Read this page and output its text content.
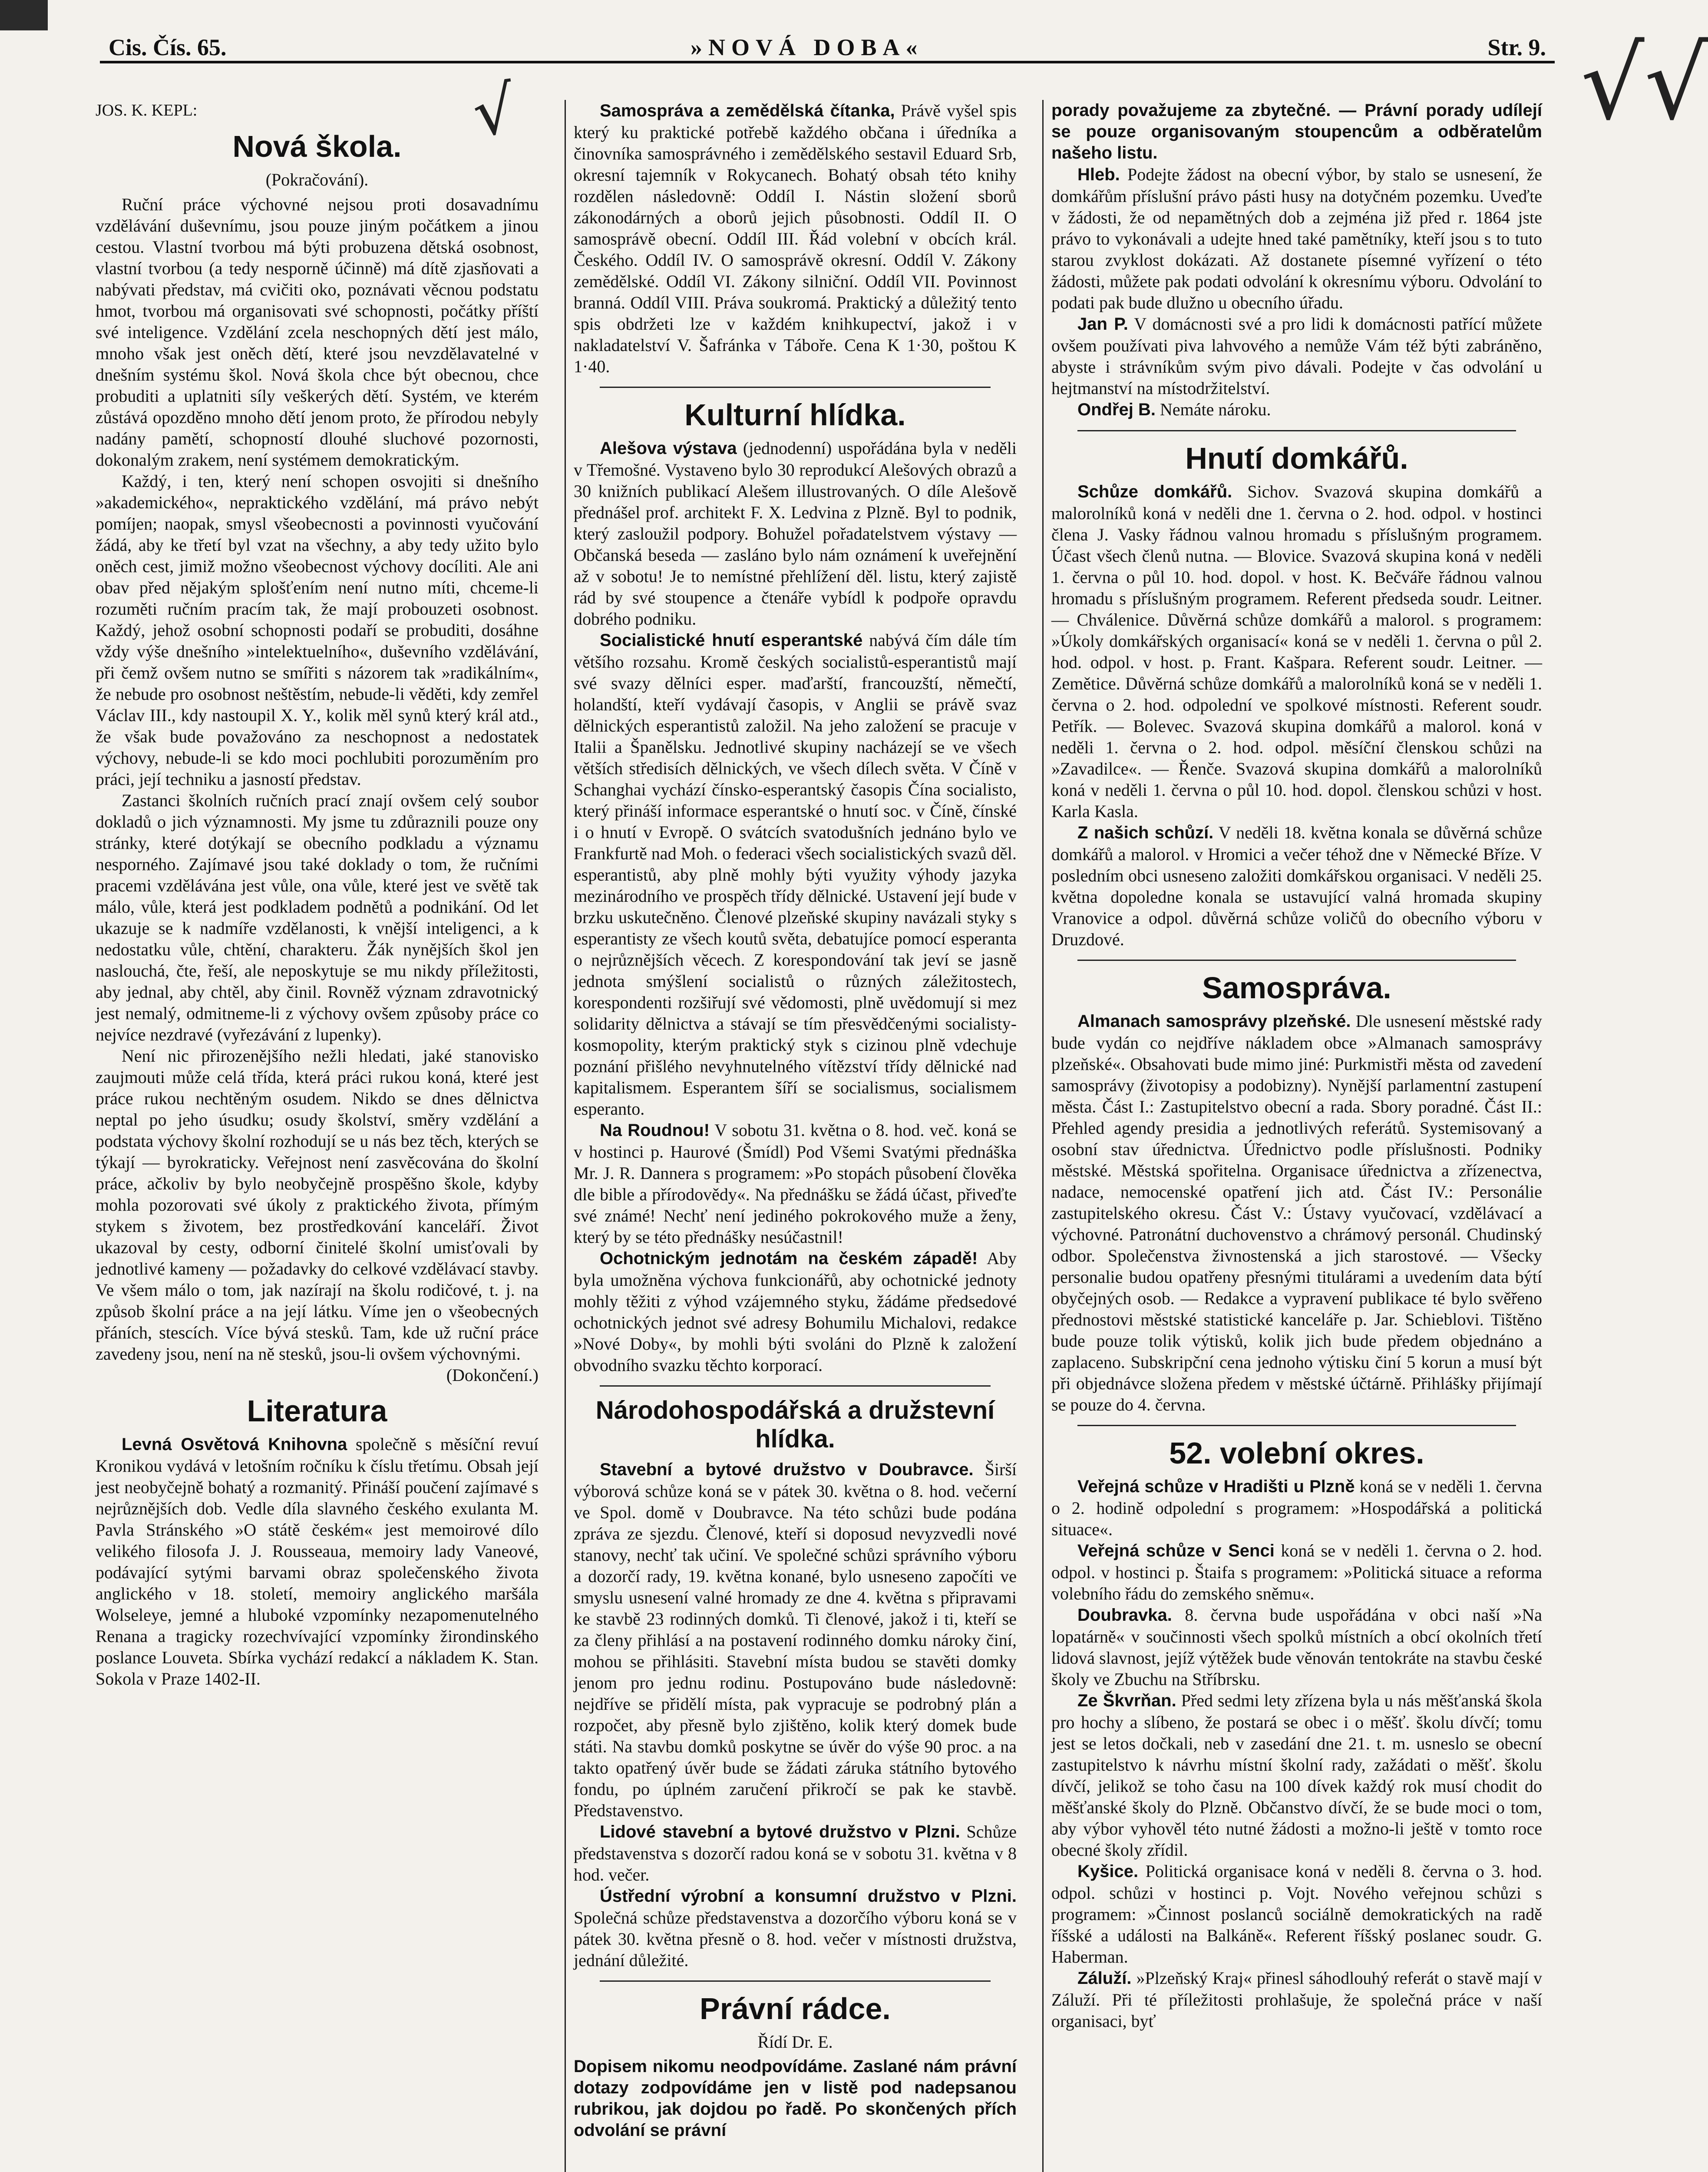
Cis. Čís. 65.	»NOVÁ DOBA«	Str. 9.
√	√√
JOS. K. KEPL:
Nová škola.
(Pokračování).

Ruční práce výchovné nejsou proti dosavadnímu vzdělávání duševnímu, jsou pouze jiným počátkem a jinou cestou. Vlastní tvorbou má býti probuzena dětská osobnost, vlastní tvorbou (a tedy nesporně účinně) má dítě zjasňovati a nabývati představ, má cvičiti oko, poznávati věcnou podstatu hmot, tvorbou má organisovati své schopnosti, počátky příští své inteligence. Vzdělání zcela neschopných dětí jest málo, mnoho však jest oněch dětí, které jsou nevzdělavatelné v dnešním systému škol. Nová škola chce být obecnou, chce probuditi a uplatniti síly veškerých dětí. Systém, ve kterém zůstává opozděno mnoho dětí jenom proto, že přírodou nebyly nadány pamětí, schopností dlouhé sluchové pozornosti, dokonalým zrakem, není systémem demokratickým.

Každý, i ten, který není schopen osvojiti si dnešního »akademického«, nepraktického vzdělání, má právo nebýt pomíjen; naopak, smysl všeobecnosti a povinnosti vyučování žádá, aby ke třetí byl vzat na všechny, a aby tedy užito bylo oněch cest, jimiž možno všeobecnost výchovy docíliti. Ale ani obav před nějakým splošťením není nutno míti, chceme-li rozuměti ručním pracím tak, že mají probouzeti osobnost. Každý, jehož osobní schopnosti podaří se probuditi, dosáhne vždy výše dnešního »intelektuelního«, duševního vzdělávání, při čemž ovšem nutno se smířiti s názorem tak »radikálním«, že nebude pro osobnost neštěstím, nebude-li věděti, kdy zemřel Václav III., kdy nastoupil X. Y., kolik měl synů který král atd., že však bude považováno za neschopnost a nedostatek výchovy, nebude-li se kdo moci pochlubiti porozuměním pro práci, její techniku a jasností představ.

Zastanci školních ručních prací znají ovšem celý soubor dokladů o jich významnosti. My jsme tu zdůraznili pouze ony stránky, které dotýkají se obecního podkladu a významu nesporného. Zajímavé jsou také doklady o tom, že ručními pracemi vzdělávána jest vůle, ona vůle, které jest ve světě tak málo, vůle, která jest podkladem podnětů a podnikání. Od let ukazuje se k nadmíře vzdělanosti, k vnější inteligenci, a k nedostatku vůle, chtění, charakteru. Žák nynějších škol jen naslouchá, čte, řeší, ale neposkytuje se mu nikdy příležitosti, aby jednal, aby chtěl, aby činil. Rovněž význam zdravotnický jest nemalý, odmitneme-li z výchovy ovšem způsoby práce co nejvíce nezdravé (vyřezávání z lupenky).

Není nic přirozenějšího nežli hledati, jaké stanovisko zaujmouti může celá třída, která práci rukou koná, které jest práce rukou nechtěným osudem. Nikdo se dnes dělnictva neptal po jeho úsudku; osudy školství, směry vzdělání a podstata výchovy školní rozhodují se u nás bez těch, kterých se týkají — byrokraticky. Veřejnost není zasvěcována do školní práce, ačkoliv by bylo neobyčejně prospěšno škole, kdyby mohla pozorovati své úkoly z praktického života, přímým stykem s životem, bez prostředkování kanceláří. Život ukazoval by cesty, odborní činitelé školní umisťovali by jednotlivé kameny — požadavky do celkové vzdělávací stavby. Ve všem málo o tom, jak nazírají na školu rodičové, t. j. na způsob školní práce a na její látku. Víme jen o všeobecných přáních, stescích. Více bývá stesků. Tam, kde už ruční práce zavedeny jsou, není na ně stesků, jsou-li ovšem výchovnými.

(Dokončení.)
Literatura

Levná Osvětová Knihovna společně s měsíční revuí Kronikou vydává v letošním ročníku k číslu třetímu. Obsah její jest neobyčejně bohatý a rozmanitý. Přináší poučení zajímavé s nejrůznějších dob. Vedle díla slavného českého exulanta M. Pavla Stránského »O státě českém« jest memoirové dílo velikého filosofa J. J. Rousseaua, memoiry lady Vaneové, podávající sytými barvami obraz společenského života anglického v 18. století, memoiry anglického maršála Wolseleye, jemné a hluboké vzpomínky nezapomenutelného Renana a tragicky rozechvívající vzpomínky žirondinského poslance Louveta. Sbírka vychází redakcí a nákladem K. Stan. Sokola v Praze 1402-II.

Samospráva a zemědělská čítanka, Právě vyšel spis který ku praktické potřebě každého občana i úředníka a činovníka samosprávného i zemědělského sestavil Eduard Srb, okresní tajemník v Rokycanech. Bohatý obsah této knihy rozdělen následovně: Oddíl I. Nástin složení sborů zákonodárných a oborů jejich působnosti. Oddíl II. O samosprávě obecní. Oddíl III. Řád volební v obcích král. Českého. Oddíl IV. O samosprávě okresní. Oddíl V. Zákony zemědělské. Oddíl VI. Zákony silniční. Oddíl VII. Povinnost branná. Oddíl VIII. Práva soukromá. Praktický a důležitý tento spis obdržeti lze v každém knihkupectví, jakož i v nakladatelství V. Šafránka v Táboře. Cena K 1·30, poštou K 1·40.

Kulturní hlídka.

Alešova výstava (jednodenní) uspořádána byla v neděli v Třemošné. Vystaveno bylo 30 reprodukcí Alešových obrazů a 30 knižních publikací Alešem illustrovaných. O díle Alešově přednášel prof. architekt F. X. Ledvina z Plzně. Byl to podnik, který zasloužil podpory. Bohužel pořadatelstvem výstavy — Občanská beseda — zasláno bylo nám oznámení k uveřejnění až v sobotu! Je to nemístné přehlížení děl. listu, který zajistě rád by své stoupence a čtenáře vybídl k podpoře opravdu dobrého podniku.

Socialistické hnutí esperantské nabývá čím dále tím většího rozsahu. Kromě českých socialistů-esperantistů mají své svazy dělníci esper. maďarští, francouzští, němečtí, holandští, kteří vydávají časopis, v Anglii se právě svaz dělnických esperantistů založil. Na jeho založení se pracuje v Italii a Španělsku. Jednotlivé skupiny nacházejí se ve všech větších středisích dělnických, ve všech dílech světa. V Číně v Schanghai vychází čínsko-esperantský časopis Čína socialisto, který přináší informace esperantské o hnutí soc. v Číně, čínské i o hnutí v Evropě. O svátcích svatodušních jednáno bylo ve Frankfurtě nad Moh. o federaci všech socialistických svazů děl. esperantistů, aby plně mohly býti využity výhody jazyka mezinárodního ve prospěch třídy dělnické. Ustavení její bude v brzku uskutečněno. Členové plzeňské skupiny navázali styky s esperantisty ze všech koutů světa, debatujíce pomocí esperanta o nejrůznějších věcech. Z korespondování tak jeví se jasně jednota smýšlení socialistů o různých záležitostech, korespondenti rozšiřují své vědomosti, plně uvědomují si mez solidarity dělnictva a stávají se tím přesvědčenými socialisty-kosmopolity, kterým praktický styk s cizinou plně vdechuje poznání přišlého nevyhnutelného vítězství třídy dělnické nad kapitalismem. Esperantem šíří se socialismus, socialismem esperanto.

Na Roudnou! V sobotu 31. května o 8. hod. več. koná se v hostinci p. Haurové (Šmídl) Pod Všemi Svatými přednáška Mr. J. R. Dannera s programem: »Po stopách působení člověka dle bible a přírodovědy«. Na přednášku se žádá účast, přiveďte své známé! Nechť není jediného pokrokového muže a ženy, který by se této přednášky nesúčastnil!

Ochotnickým jednotám na českém západě! Aby byla umožněna výchova funkcionářů, aby ochotnické jednoty mohly těžiti z výhod vzájemného styku, žádáme předsedové ochotnických jednot své adresy Bohumilu Michalovi, redakce »Nové Doby«, by mohli býti svoláni do Plzně k založení obvodního svazku těchto korporací.

Národohospodářská a družstevní hlídka.

Stavební a bytové družstvo v Doubravce. Širší výborová schůze koná se v pátek 30. května o 8. hod. večerní ve Spol. domě v Doubravce. Na této schůzi bude podána zpráva ze sjezdu. Členové, kteří si doposud nevyzvedli nové stanovy, nechť tak učiní. Ve společné schůzi správního výboru a dozorčí rady, 19. května konané, bylo usneseno započíti ve smyslu usnesení valné hromady ze dne 4. května s připravami ke stavbě 23 rodinných domků. Ti členové, jakož i ti, kteří se za členy přihlásí a na postavení rodinného domku nároky činí, mohou se přihlásiti. Stavební místa budou se stavěti domky jenom pro jednu rodinu. Postupováno bude následovně: nejdříve se přidělí místa, pak vypracuje se podrobný plán a rozpočet, aby přesně bylo zjištěno, kolik který domek bude státi. Na stavbu domků poskytne se úvěr do výše 90 proc. a na takto opatřený úvěr bude se žádati záruka státního bytového fondu, po úplném zaručení přikročí se pak ke stavbě. Představenstvo.

Lidové stavební a bytové družstvo v Plzni. Schůze představenstva s dozorčí radou koná se v sobotu 31. května v 8 hod. večer.

Ústřední výrobní a konsumní družstvo v Plzni. Společná schůze představenstva a dozorčího výboru koná se v pátek 30. května přesně o 8. hod. večer v místnosti družstva, jednání důležité.

Právní rádce.
Řídí Dr. E.

Dopisem nikomu neodpovídáme. Zaslané nám právní dotazy zodpovídáme jen v listě pod nadepsanou rubrikou, jak dojdou po řadě. Po skončených přích odvolání se právní

porady považujeme za zbytečné. — Právní porady udílejí se pouze organisovaným stoupencům a odběratelům našeho listu.

Hleb. Podejte žádost na obecní výbor, by stalo se usnesení, že domkářům příslušní právo pásti husy na dotyčném pozemku. Uveďte v žádosti, že od nepamětných dob a zejména již před r. 1864 jste právo to vykonávali a udejte hned také pamětníky, kteří jsou s to tuto starou zvyklost dokázati. Až dostanete písemné vyřízení o této žádosti, můžete pak podati odvolání k okresnímu výboru. Odvolání to podati pak bude dlužno u obecního úřadu.

Jan P. V domácnosti své a pro lidi k domácnosti patřící můžete ovšem používati piva lahvového a nemůže Vám též býti zabráněno, abyste i strávníkům svým pivo dávali. Podejte v čas odvolání u hejtmanství na místodržitelství.

Ondřej B. Nemáte nároku.

Hnutí domkářů.

Schůze domkářů. Sichov. Svazová skupina domkářů a malorolníků koná v neděli dne 1. června o 2. hod. odpol. v hostinci člena J. Vasky řádnou valnou hromadu s příslušným programem. Účast všech členů nutna. — Blovice. Svazová skupina koná v neděli 1. června o půl 10. hod. dopol. v host. K. Bečváře řádnou valnou hromadu s příslušným programem. Referent předseda soudr. Leitner. — Chválenice. Důvěrná schůze domkářů a malorol. s programem: »Úkoly domkářských organisací« koná se v neděli 1. června o půl 2. hod. odpol. v host. p. Frant. Kašpara. Referent soudr. Leitner. — Zemětice. Důvěrná schůze domkářů a malorolníků koná se v neděli 1. června o 2. hod. odpolední ve spolkové místnosti. Referent soudr. Petřík. — Bolevec. Svazová skupina domkářů a malorol. koná v neděli 1. června o 2. hod. odpol. měsíční členskou schůzi na »Zavadilce«. — Řenče. Svazová skupina domkářů a malorolníků koná v neděli 1. června o půl 10. hod. dopol. členskou schůzi v host. Karla Kasla.

Z našich schůzí. V neděli 18. května konala se důvěrná schůze domkářů a malorol. v Hromici a večer téhož dne v Německé Bříze. V posledním obci usneseno založiti domkářskou organisaci. V neděli 25. května dopoledne konala se ustavující valná hromada skupiny Vranovice a odpol. důvěrná schůze voličů do obecního výboru v Druzdové.

Samospráva.

Almanach samosprávy plzeňské. Dle usnesení městské rady bude vydán co nejdříve nákladem obce »Almanach samosprávy plzeňské«. Obsahovati bude mimo jiné: Purkmistři města od zavedení samosprávy (životopisy a podobizny). Nynější parlamentní zastupení města. Část I.: Zastupitelstvo obecní a rada. Sbory poradné. Část II.: Přehled agendy presidia a jednotlivých referátů. Systemisovaný a osobní stav úřednictva. Úřednictvo podle příslušnosti. Podniky městské. Městská spořitelna. Organisace úřednictva a zřízenectva, nadace, nemocenské opatření jich atd. Část IV.: Personálie zastupitelského okresu. Část V.: Ústavy vyučovací, vzdělávací a výchovné. Patronátní duchovenstvo a chrámový personál. Chudinský odbor. Společenstva živnostenská a jich starostové. — Všecky personalie budou opatřeny přesnými titulárami a uvedením data býtí obyčejných osob. — Redakce a vypravení publikace té bylo svěřeno přednostovi městské statistické kanceláře p. Jar. Schieblovi. Tištěno bude pouze tolik výtisků, kolik jich bude předem objednáno a zaplaceno. Subskripční cena jednoho výtisku činí 5 korun a musí být při objednávce složena předem v městské účtárně. Přihlášky přijímají se pouze do 4. června.

52. volební okres.

Veřejná schůze v Hradišti u Plzně koná se v neděli 1. června o 2. hodině odpolední s programem: »Hospodářská a politická situace«.

Veřejná schůze v Senci koná se v neděli 1. června o 2. hod. odpol. v hostinci p. Štaifa s programem: »Politická situace a reforma volebního řádu do zemského sněmu«.

Doubravka. 8. června bude uspořádána v obci naší »Na lopatárně« v součinnosti všech spolků místních a obcí okolních třetí lidová slavnost, jejíž výtěžek bude věnován tentokráte na stavbu české školy ve Zbuchu na Stříbrsku.

Ze Škvrňan. Před sedmi lety zřízena byla u nás měšťanská škola pro hochy a slíbeno, že postará se obec i o měšť. školu dívčí; tomu jest se letos dočkali, neb v zasedání dne 21. t. m. usneslo se obecní zastupitelstvo k návrhu místní školní rady, zažádati o měšť. školu dívčí, jelikož se toho času na 100 dívek každý rok musí chodit do měšťanské školy do Plzně. Občanstvo dívčí, že se bude moci o tom, aby výbor vyhověl této nutné žádosti a možno-li ještě v tomto roce obecné školy zřídil.

Kyšice. Politická organisace koná v neděli 8. června o 3. hod. odpol. schůzi v hostinci p. Vojt. Nového veřejnou schůzi s programem: »Činnost poslanců sociálně demokratických na radě říšské a události na Balkáně«. Referent říšský poslanec soudr. G. Haberman.

Záluží. »Plzeňský Kraj« přinesl sáhodlouhý referát o stavě mají v Záluží. Při té příležitosti prohlašuje, že společná práce v naší organisaci, byť
